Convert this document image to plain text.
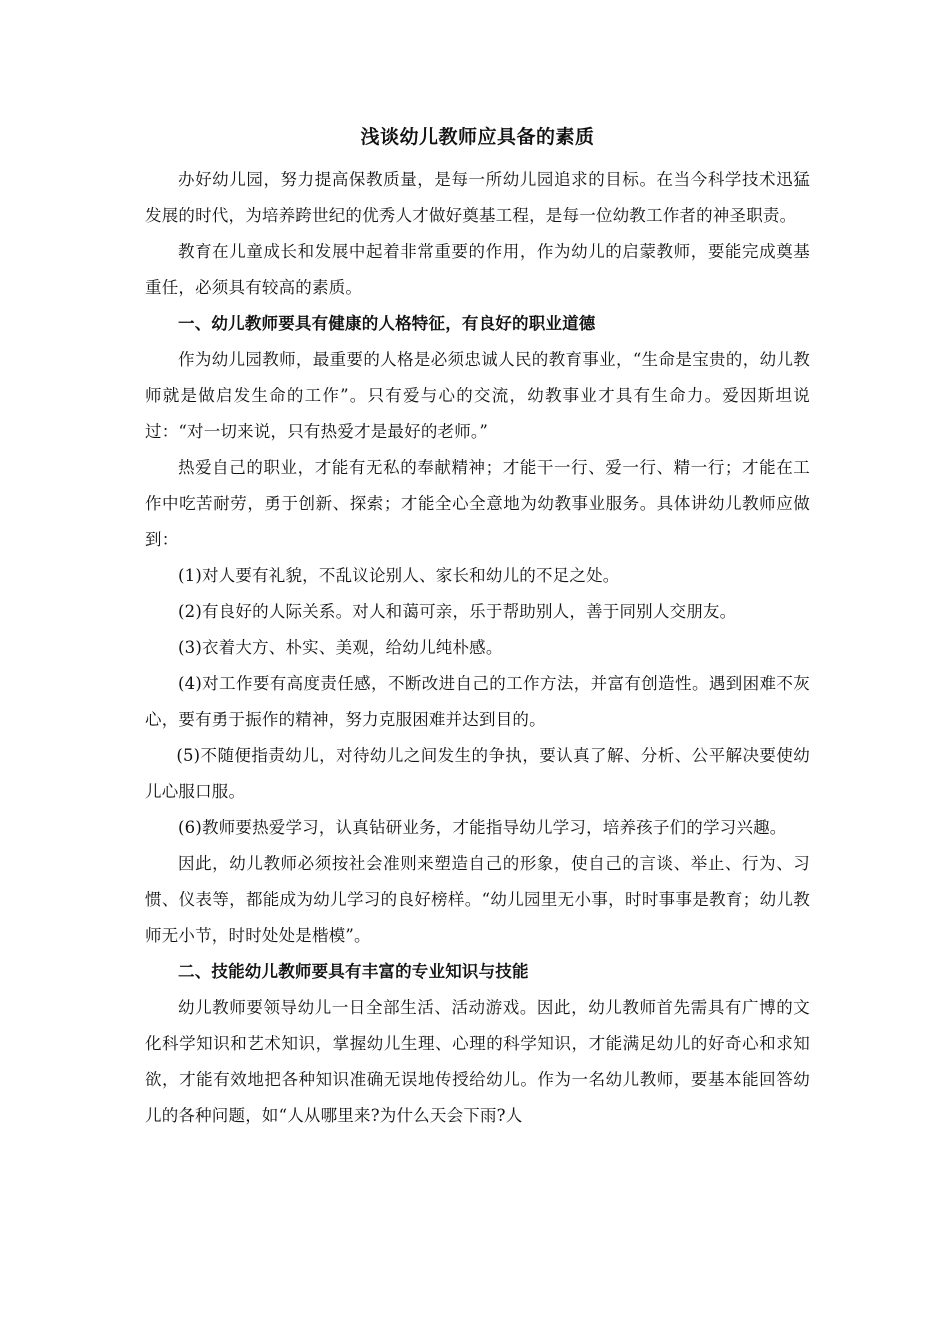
浅谈幼儿教师应具备的素质

办好幼儿园，努力提高保教质量，是每一所幼儿园追求的目标。在当今科学技术迅猛发展的时代，为培养跨世纪的优秀人才做好奠基工程，是每一位幼教工作者的神圣职责。

教育在儿童成长和发展中起着非常重要的作用，作为幼儿的启蒙教师，要能完成奠基重任，必须具有较高的素质。

一、幼儿教师要具有健康的人格特征，有良好的职业道德

作为幼儿园教师，最重要的人格是必须忠诚人民的教育事业，“生命是宝贵的，幼儿教师就是做启发生命的工作”。只有爱与心的交流，幼教事业才具有生命力。爱因斯坦说过：“对一切来说，只有热爱才是最好的老师。”

热爱自己的职业，才能有无私的奉献精神；才能干一行、爱一行、精一行；才能在工作中吃苦耐劳，勇于创新、探索；才能全心全意地为幼教事业服务。具体讲幼儿教师应做到：

(1)对人要有礼貌，不乱议论别人、家长和幼儿的不足之处。

(2)有良好的人际关系。对人和蔼可亲，乐于帮助别人，善于同别人交朋友。

(3)衣着大方、朴实、美观，给幼儿纯朴感。

(4)对工作要有高度责任感，不断改进自己的工作方法，并富有创造性。遇到困难不灰心，要有勇于振作的精神，努力克服困难并达到目的。

(5)不随便指责幼儿，对待幼儿之间发生的争执，要认真了解、分析、公平解决要使幼儿心服口服。

(6)教师要热爱学习，认真钻研业务，才能指导幼儿学习，培养孩子们的学习兴趣。

因此，幼儿教师必须按社会准则来塑造自己的形象，使自己的言谈、举止、行为、习惯、仪表等，都能成为幼儿学习的良好榜样。“幼儿园里无小事，时时事事是教育；幼儿教师无小节，时时处处是楷模”。

二、技能幼儿教师要具有丰富的专业知识与技能

幼儿教师要领导幼儿一日全部生活、活动游戏。因此，幼儿教师首先需具有广博的文化科学知识和艺术知识，掌握幼儿生理、心理的科学知识，才能满足幼儿的好奇心和求知欲，才能有效地把各种知识准确无误地传授给幼儿。作为一名幼儿教师，要基本能回答幼儿的各种问题，如“人从哪里来?为什么天会下雨?人
